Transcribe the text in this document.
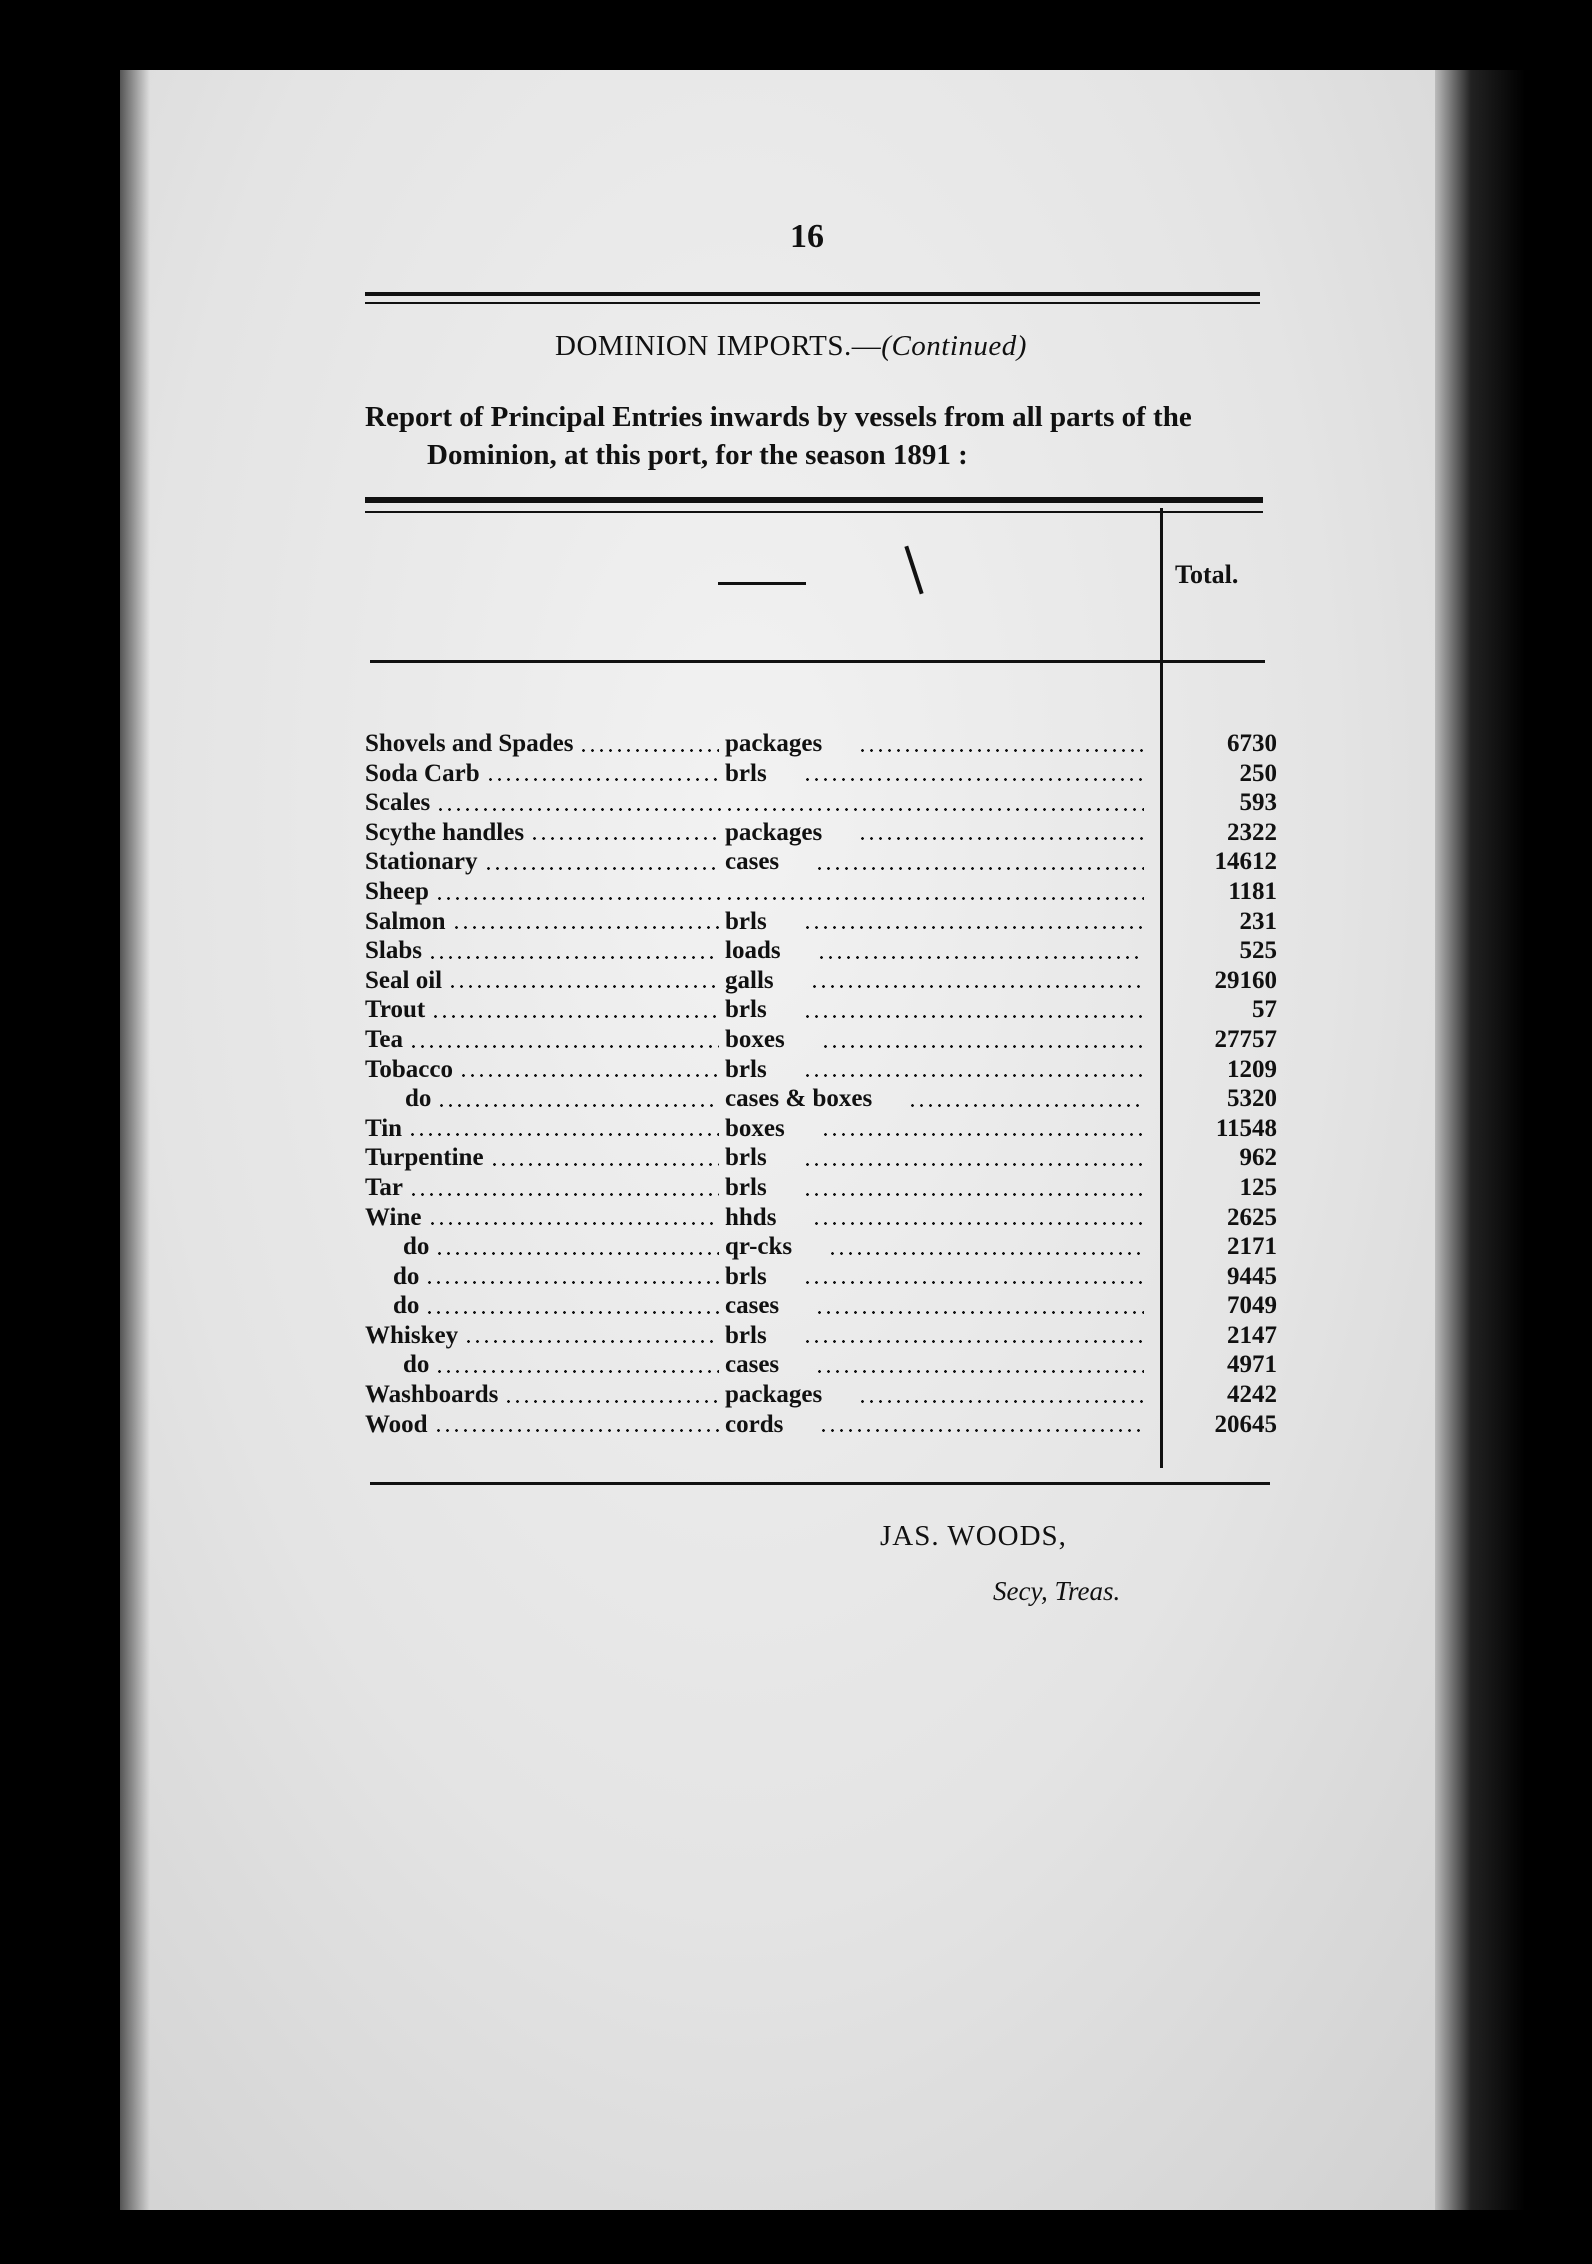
16
DOMINION IMPORTS.—(Continued)
Report of Principal Entries inwards by vessels from all parts of the
Dominion, at this port, for the season 1891 :
Total.
Shovels and Spades	packages	6730

Soda Carb	brls	250

Scales		593

Scythe handles	packages	2322

Stationary	cases	14612

Sheep		1181

Salmon	brls	231

Slabs	loads	525

Seal oil	galls	29160

Trout	brls	57

Tea	boxes	27757

Tobacco	brls	1209

do	cases & boxes	5320

Tin	boxes	11548

Turpentine	brls	962

Tar	brls	125

Wine	hhds	2625

do	qr-cks	2171

do	brls	9445

do	cases	7049

Whiskey	brls	2147

do	cases	4971

Washboards	packages	4242

Wood	cords	20645
JAS. WOODS,
Secy, Treas.
